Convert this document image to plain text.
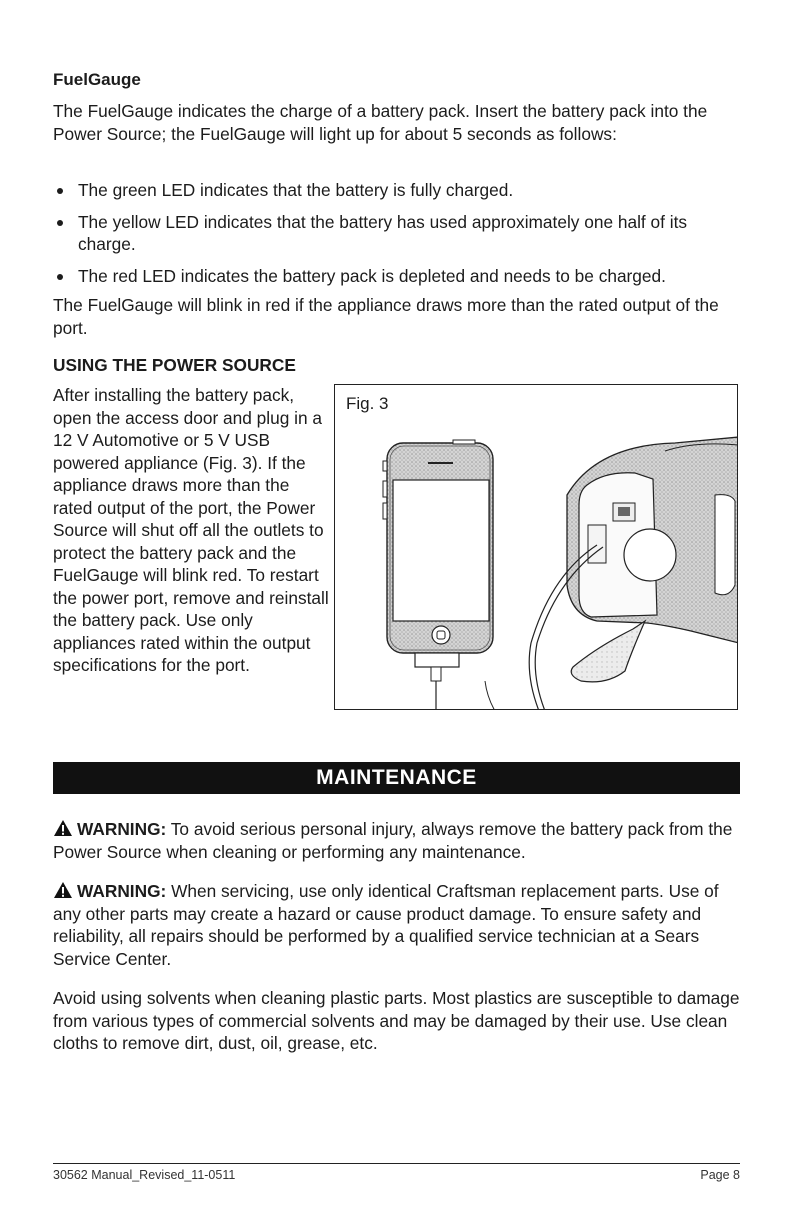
FuelGauge

The FuelGauge indicates the charge of a battery pack. Insert the battery pack into the Power Source; the FuelGauge will light up for about 5 seconds as follows:

The green LED indicates that the battery is fully charged.
The yellow LED indicates that the battery has used approximately one half of its charge.
The red LED indicates the battery pack is depleted and needs to be charged.

The FuelGauge will blink in red if the appliance draws more than the rated output of the port.

USING THE POWER SOURCE

After installing the battery pack, open the access door and plug in a 12 V Automotive or 5 V USB powered appliance (Fig. 3). If the appliance draws more than the rated output of the port, the Power Source will shut off all the outlets to protect the battery pack and the FuelGauge will blink red. To restart the power port, remove and reinstall the battery pack. Use only appliances rated within the output specifications for the port.

Fig. 3
MAINTENANCE

WARNING: To avoid serious personal injury, always remove the battery pack from the Power Source when cleaning or performing any maintenance.

WARNING: When servicing, use only identical Craftsman replacement parts. Use of any other parts may create a hazard or cause product damage. To ensure safety and reliability, all repairs should be performed by a qualified service technician at a Sears Service Center.

Avoid using solvents when cleaning plastic parts. Most plastics are susceptible to damage from various types of commercial solvents and may be damaged by their use. Use clean cloths to remove dirt, dust, oil, grease, etc.

30562 Manual_Revised_11-0511	Page 8
